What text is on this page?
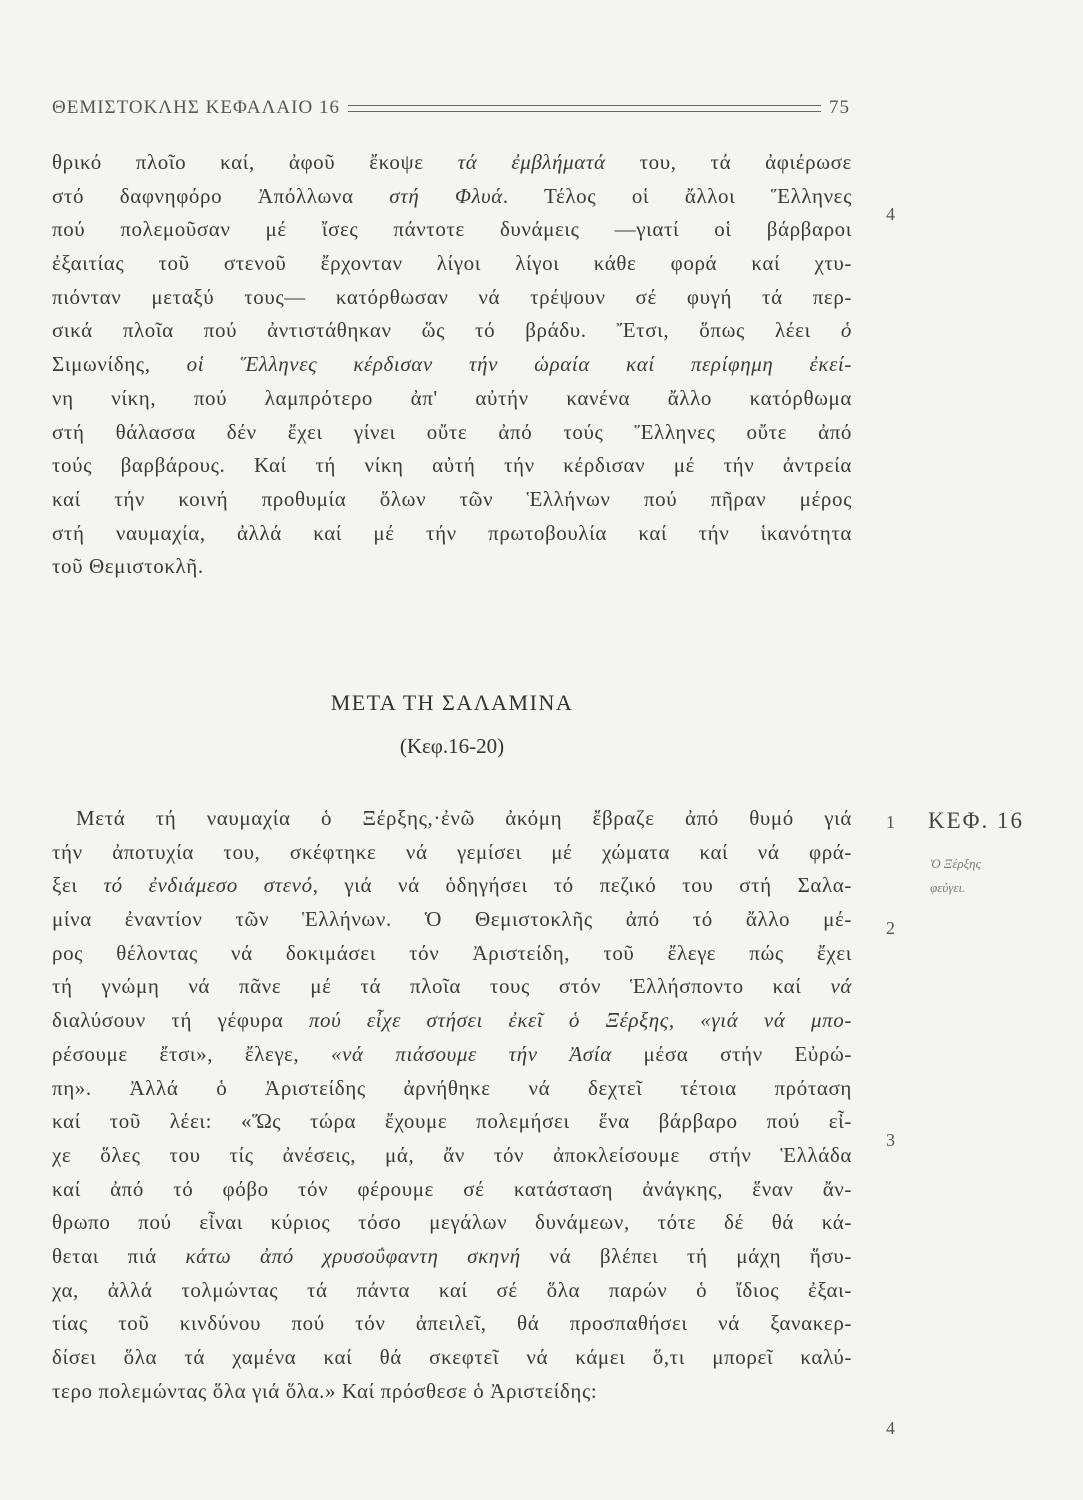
ΘΕΜΙΣΤΟΚΛΗΣ ΚΕΦΑΛΑΙΟ 16	75
θρικό πλοῖο καί, ἀφοῦ ἔκοψε τά ἐμβλήματά του, τά ἀφιέρωσε
στό δαφνηφόρο Ἀπόλλωνα στή Φλυά. Τέλος οἱ ἄλλοι Ἕλληνες
πού πολεμοῦσαν μέ ἴσες πάντοτε δυνάμεις —γιατί οἱ βάρβαροι
ἐξαιτίας τοῦ στενοῦ ἔρχονταν λίγοι λίγοι κάθε φορά καί χτυ-
πιόνταν μεταξύ τους— κατόρθωσαν νά τρέψουν σέ φυγή τά περ-
σικά πλοῖα πού ἀντιστάθηκαν ὥς τό βράδυ. Ἔτσι, ὅπως λέει ὁ
Σιμωνίδης, οἱ Ἕλληνες κέρδισαν τήν ὡραία καί περίφημη ἐκεί-
νη νίκη, πού λαμπρότερο ἀπ' αὐτήν κανένα ἄλλο κατόρθωμα
στή θάλασσα δέν ἔχει γίνει οὔτε ἀπό τούς Ἕλληνες οὔτε ἀπό
τούς βαρβάρους. Καί τή νίκη αὐτή τήν κέρδισαν μέ τήν ἀντρεία
καί τήν κοινή προθυμία ὅλων τῶν Ἑλλήνων πού πῆραν μέρος
στή ναυμαχία, ἀλλά καί μέ τήν πρωτοβουλία καί τήν ἱκανότητα
τοῦ Θεμιστοκλῆ.
ΜΕΤΑ ΤΗ ΣΑΛΑΜΙΝΑ
(Κεφ.16-20)
Μετά τή ναυμαχία ὁ Ξέρξης,·ἐνῶ ἀκόμη ἔβραζε ἀπό θυμό γιά
τήν ἀποτυχία του, σκέφτηκε νά γεμίσει μέ χώματα καί νά φρά-
ξει τό ἐνδιάμεσο στενό, γιά νά ὁδηγήσει τό πεζικό του στή Σαλα-
μίνα ἐναντίον τῶν Ἑλλήνων. Ὁ Θεμιστοκλῆς ἀπό τό ἄλλο μέ-
ρος θέλοντας νά δοκιμάσει τόν Ἀριστείδη, τοῦ ἔλεγε πώς ἔχει
τή γνώμη νά πᾶνε μέ τά πλοῖα τους στόν Ἑλλήσποντο καί νά
διαλύσουν τή γέφυρα πού εἶχε στήσει ἐκεῖ ὁ Ξέρξης, «γιά νά μπο-
ρέσουμε ἔτσι», ἔλεγε, «νά πιάσουμε τήν Ἀσία μέσα στήν Εὐρώ-
πη». Ἀλλά ὁ Ἀριστείδης ἀρνήθηκε νά δεχτεῖ τέτοια πρόταση
καί τοῦ λέει: «Ὥς τώρα ἔχουμε πολεμήσει ἕνα βάρβαρο πού εἶ-
χε ὅλες του τίς ἀνέσεις, μά, ἄν τόν ἀποκλείσουμε στήν Ἑλλάδα
καί ἀπό τό φόβο τόν φέρουμε σέ κατάσταση ἀνάγκης, ἕναν ἄν-
θρωπο πού εἶναι κύριος τόσο μεγάλων δυνάμεων, τότε δέ θά κά-
θεται πιά κάτω ἀπό χρυσοΰφαντη σκηνή νά βλέπει τή μάχη ἥσυ-
χα, ἀλλά τολμώντας τά πάντα καί σέ ὅλα παρών ὁ ἴδιος ἐξαι-
τίας τοῦ κινδύνου πού τόν ἀπειλεῖ, θά προσπαθήσει νά ξανακερ-
δίσει ὅλα τά χαμένα καί θά σκεφτεῖ νά κάμει ὅ,τι μπορεῖ καλύ-
τερο πολεμώντας ὅλα γιά ὅλα.» Καί πρόσθεσε ὁ Ἀριστείδης:
4
1
2
3
4
ΚΕΦ. 16
Ὁ Ξέρξης
φεύγει.
